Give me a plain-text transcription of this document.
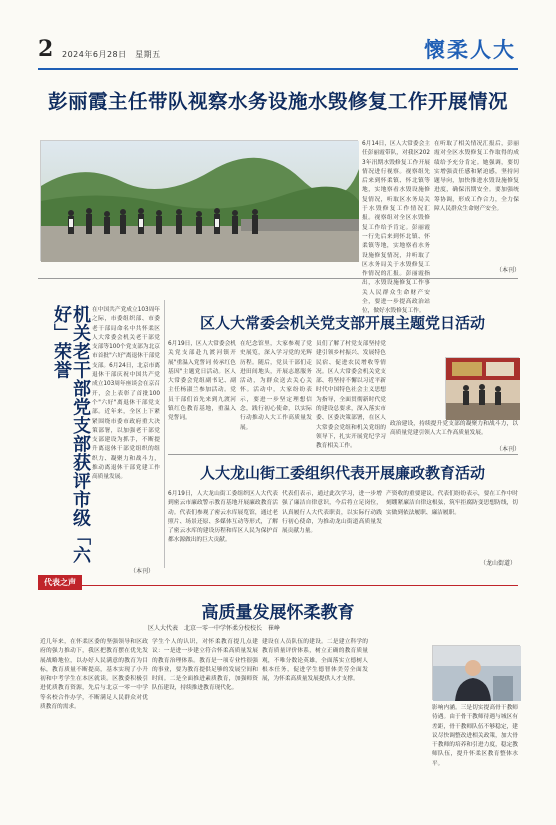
2 2024年6月28日　星期五	懷柔人大
彭丽霞主任带队视察水务设施水毁修复工作开展情况
6月14日，区人大常委会主任彭丽霞带队，对我区2023年汛期水毁修复工作开展情况进行视察。视察组先后来到怀柔镇、怀北镇等地，实地察看水毁设施修复情况，听取区水务局关于水毁修复工作情况汇报。视察组对全区水毁修复工作给予肯定。彭丽霞一行先后来到怀北镇、怀柔镇等地，实地察看水务设施修复情况，并听取了区水务局关于水毁修复工作情况的汇报。彭丽霞指出，水毁设施修复工作事关人民群众生命财产安全，要进一步提高政治站位，做好水毁修复工作。
在听取了相关情况汇报后，彭丽霞对全区水毁修复工作取得的成绩给予充分肯定。她强调，要切实增强责任感和紧迫感，坚持问题导向，加快推进水毁设施修复进度，确保汛期安全。要加强统筹协调，形成工作合力，全力保障人民群众生命财产安全。
（本刊）
机关老干部党支部获评市级「六好」荣誉	在中国共产党成立103周年之际，市委组织部、市委老干部局命名中共怀柔区人大常委会机关老干部党支部等100个党支部为北京市首批"六好"离退休干部党支部。6月24日，北京市离退休干部庆祝中国共产党成立103周年座谈会在京召开，会上表彰了首批100个"六好"离退休干部党支部。近年来，全区上下紧紧围绕市委市政府重大决策部署，以加强老干部党支部建设为抓手，不断提升离退休干部党组织的组织力、凝聚力和战斗力，推动离退休干部党建工作高质量发展。
（本刊）
区人大常委会机关党支部开展主题党日活动
6月19日，区人大常委会机关党支部赴九渡河镇开展"重温入党誓词 传承红色基因"主题党日活动。区人大常委会党组副书记、副主任杨淑兰参加活动。党员干部们首先来到九渡河镇红色教育基地，重温入党誓词。
在纪念馆里，大家参观了党史展览，深入学习党的光辉历程。随后，党员干部们走进田间地头，开展志愿服务活动，为群众送去关心关怀。活动中，大家纷纷表示，要进一步坚定理想信念，践行初心使命，以实际行动推动人大工作高质量发展。
员们了解了村党支部坚持党建引领乡村振兴、发展特色民宿、促进农民增收等情况。区人大常委会机关党支部、将坚持不懈以习近平新时代中国特色社会主义思想为指导，全面贯彻新时代党的建设总要求，深入落实市委、区委决策部署，在区人大常委会党组和机关党组的领导下，扎实开展党纪学习教育相关工作。
政治建设，持续提升党支部的凝聚力和战斗力，以高质量党建引领人大工作高质量发展。
（本刊）
人大龙山街工委组织代表开展廉政教育活动
6月19日，人大龙山街工委组织区人大代表到密云市廉政警示教育基地开展廉政教育活动。代表们参观了密云水库展览馆，通过老照片、场景还原、多媒体互动等形式，了解了密云水库的建设历程和库区人民为保护首都水源做出的巨大贡献。
代表们表示，通过此次学习，进一步增强了廉洁自律意识，今后将立足岗位，认真履行人大代表职责，以实际行动践行初心使命，为推动龙山街道高质量发展贡献力量。
产资收的重要建议。代表们纷纷表示，要在工作中时刻绷紧廉洁自律这根弦，筑牢拒腐防变思想防线，切实做到依法履职、廉洁履职。
（龙山街道）
代表之声
高质量发展怀柔教育
区人大代表　北京一零一中学怀柔分校校长　崔峥
近几年来，在怀柔区委的坚强领导和区政府的强力推动下，我区把教育摆在优先发展战略地位，以办好人民满意的教育为目标，教育质量不断提高，基本实现了小升初和中考学生在本区就读。区教委积极引进优质教育资源，先后与北京一零一中学等名校合作办学，不断满足人民群众对优质教育的需求。
学生个人的认识，对怀柔教育提几点建议：一是进一步建立符合怀柔高质量发展的教育治理体系。教育是一项专业性很强的事业，要为教育提供足够的发展空间和时间。二是全面推进素质教育，加强师资队伍建设，持续推进教育现代化。
建设在人员队伍的建设。二是建立科学的教育质量评价体系，树立正确的教育质量观，不唯分数论英雄，全面落实立德树人根本任务，促进学生德智体美劳全面发展，为怀柔高质量发展提供人才支撑。
影响内涵。三是切实提高骨干教师待遇。由于骨干教师待遇与城区有差距，骨干教师队伍不够稳定，建议尽快调整改进相关政策，加大骨干教师的培养和引进力度，稳定教师队伍，提升怀柔区教育整体水平。
